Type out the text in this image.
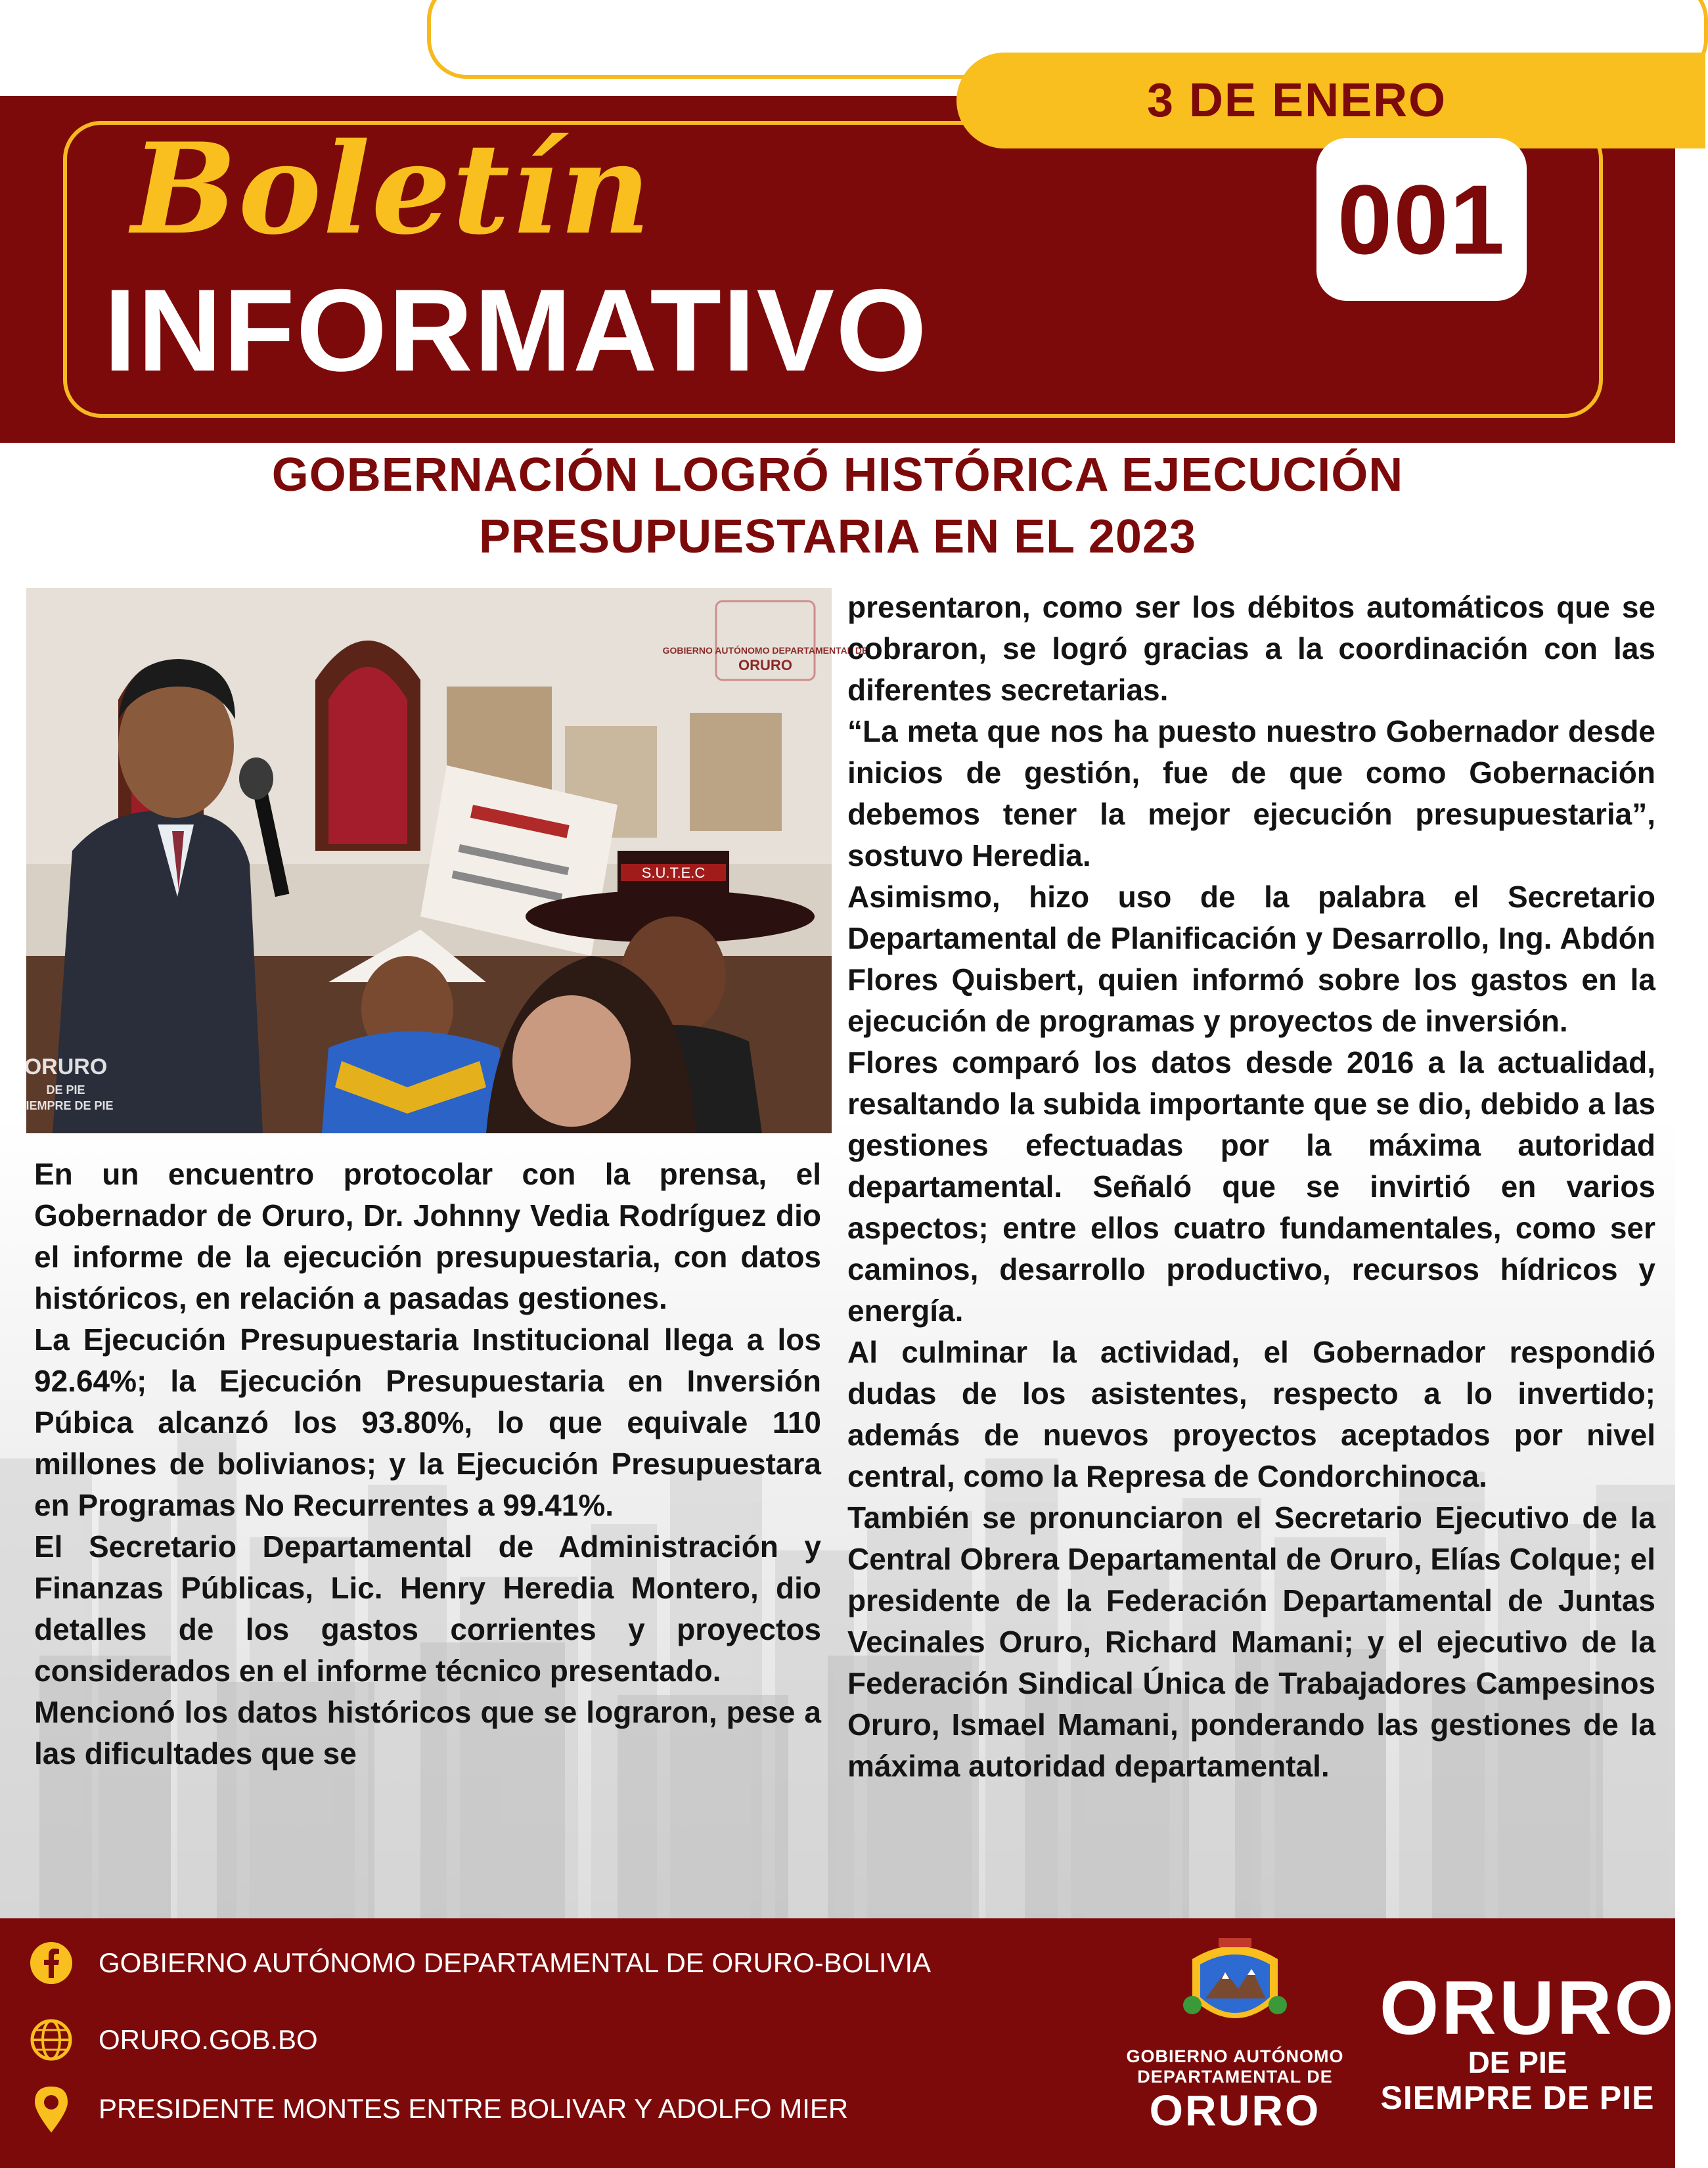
3 DE ENERO
Boletín
INFORMATIVO
001
GOBERNACIÓN LOGRÓ HISTÓRICA EJECUCIÓN
PRESUPUESTARIA EN EL 2023
S.U.T.E.C
GOBIERNO AUTÓNOMO DEPARTAMENTAL DE
ORURO
ORURO
DE PIE
SIEMPRE DE PIE

En un encuentro protocolar con la prensa, el Gobernador de Oruro, Dr. Johnny Vedia Rodríguez dio el informe de la ejecución presupuestaria, con datos históricos, en relación a pasadas gestiones.

La Ejecución Presupuestaria Institucional llega a los 92.64%; la Ejecución Presupuestaria en Inversión Púbica alcanzó los 93.80%, lo que equivale 110 millones de bolivianos; y la Ejecución Presupuestara en Programas No Recurrentes a 99.41%.

El Secretario Departamental de Administración y Finanzas Públicas, Lic. Henry Heredia Montero, dio detalles de los gastos corrientes y proyectos considerados en el informe técnico presentado.

Mencionó los datos históricos que se lograron, pese a las dificultades que se

presentaron, como ser los débitos automáticos que se cobraron, se logró gracias a la coordinación con las diferentes secretarias.

“La meta que nos ha puesto nuestro Gobernador desde inicios de gestión, fue de que como Gobernación debemos tener la mejor ejecución presupuestaria”, sostuvo Heredia.

Asimismo, hizo uso de la palabra el Secretario Departamental de Planificación y Desarrollo, Ing. Abdón Flores Quisbert, quien informó sobre los gastos en la ejecución de programas y proyectos de inversión.

Flores comparó los datos desde 2016 a la actualidad, resaltando la subida importante que se dio, debido a las gestiones efectuadas por la máxima autoridad departamental. Señaló que se invirtió en varios aspectos; entre ellos cuatro fundamentales, como ser caminos, desarrollo productivo, recursos hídricos y energía.

Al culminar la actividad, el Gobernador respondió dudas de los asistentes, respecto a lo invertido; además de nuevos proyectos aceptados por nivel central, como la Represa de Condorchinoca.

También se pronunciaron el Secretario Ejecutivo de la Central Obrera Departamental de Oruro, Elías Colque; el presidente de la Federación Departamental de Juntas Vecinales Oruro, Richard Mamani; y el ejecutivo de la Federación Sindical Única de Trabajadores Campesinos Oruro, Ismael Mamani, ponderando las gestiones de la máxima autoridad departamental.

GOBIERNO AUTÓNOMO DEPARTAMENTAL DE ORURO-BOLIVIA
ORURO.GOB.BO
PRESIDENTE MONTES ENTRE BOLIVAR Y ADOLFO MIER
GOBIERNO AUTÓNOMO
DEPARTAMENTAL DE
ORURO
ORURO
DE PIE
SIEMPRE DE PIE
